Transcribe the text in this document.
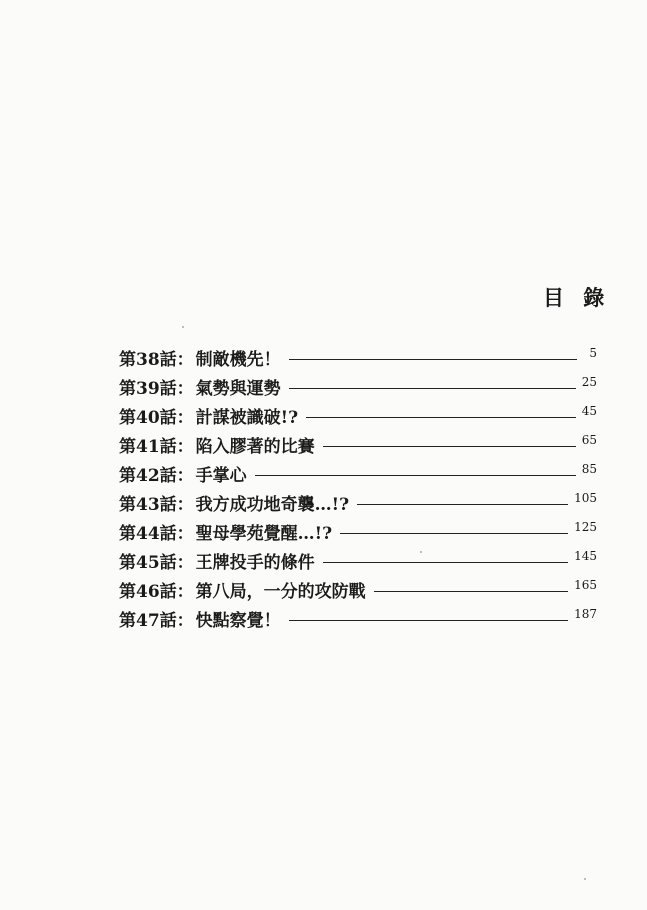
目 錄
第38話： 制敵機先！	5
第39話： 氣勢與運勢	25
第40話： 計謀被識破!?	45
第41話： 陷入膠著的比賽	65
第42話： 手掌心	85
第43話： 我方成功地奇襲…!?	105
第44話： 聖母學苑覺醒…!?	125
第45話： 王牌投手的條件	145
第46話： 第八局，一分的攻防戰	165
第47話： 快點察覺！	187
